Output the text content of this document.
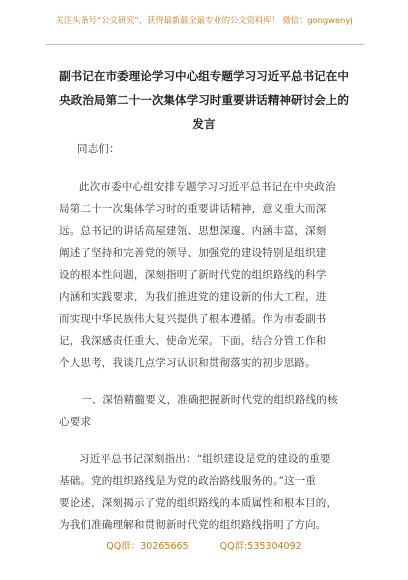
关注头条号“公文研究”，获得最新最全最专业的公文资料库！ 微信：gongwenyj
副书记在市委理论学习中心组专题学习习近平总书记在中
央政治局第二十一次集体学习时重要讲话精神研讨会上的
发言
同志们：
此次市委中心组安排专题学习习近平总书记在中央政治
局第二十一次集体学习时的重要讲话精神，意义重大而深
远。总书记的讲话高屋建瓴、思想深邃、内涵丰富，深刻
阐述了坚持和完善党的领导、加强党的建设特别是组织建
设的根本性问题，深刻指明了新时代党的组织路线的科学
内涵和实践要求，为我们推进党的建设新的伟大工程，进
而实现中华民族伟大复兴提供了根本遵循。作为市委副书
记，我深感责任重大、使命光荣。下面，结合分管工作和
个人思考，我谈几点学习认识和贯彻落实的初步思路。
一、深悟精髓要义，准确把握新时代党的组织路线的核
心要求
习近平总书记深刻指出：“组织建设是党的建设的重要
基础。党的组织路线是为党的政治路线服务的。”这一重
要论述，深刻揭示了党的组织路线的本质属性和根本目的，
为我们准确理解和贯彻新时代党的组织路线指明了方向。
QQ群：30265665	QQ群:535304092
